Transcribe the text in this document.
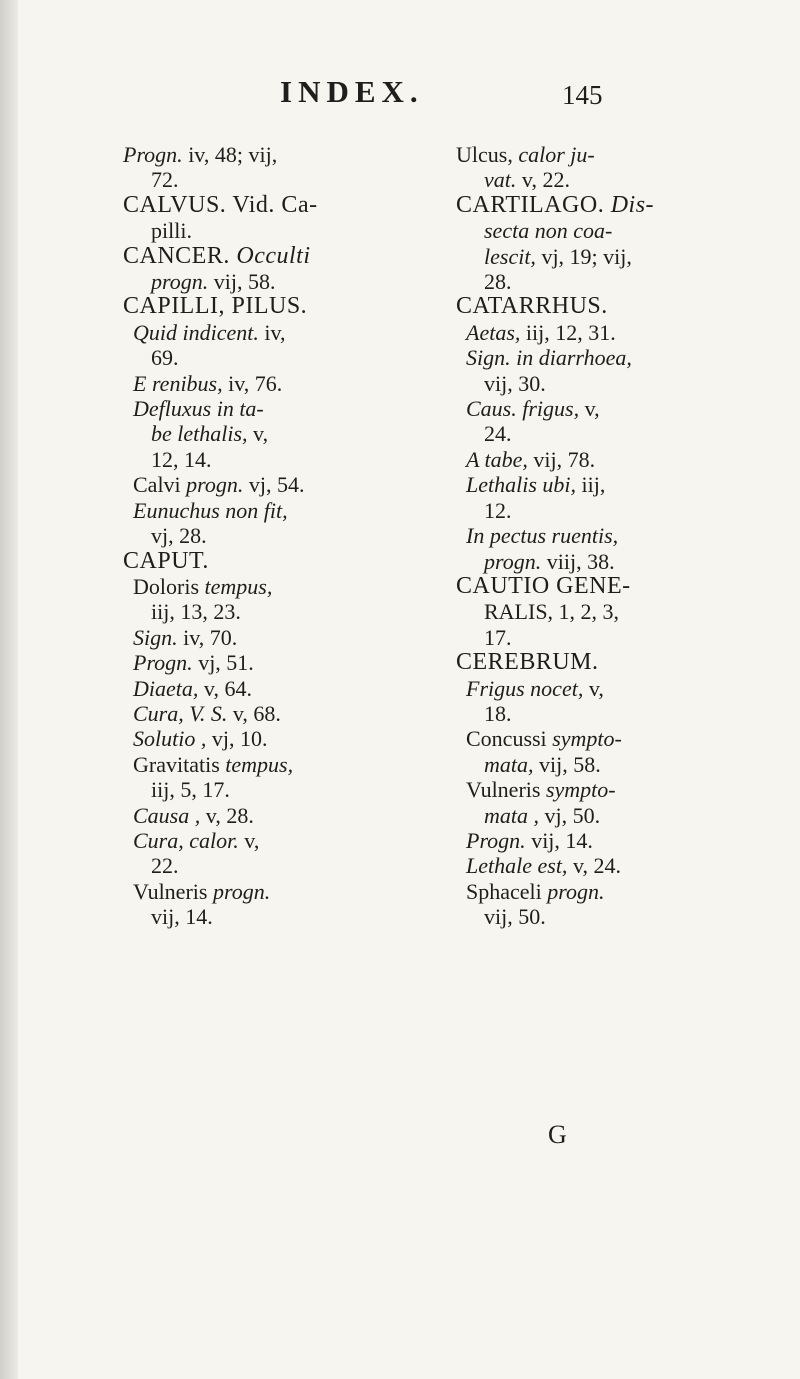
INDEX.	145

Progn. iv, 48; vij,

72.

CALVUS. Vid. Ca-

pilli.

CANCER. Occulti

progn. vij, 58.

CAPILLI, PILUS.

Quid indicent. iv,

69.

E renibus, iv, 76.

Defluxus in ta-

be lethalis, v,

12, 14.

Calvi progn. vj, 54.

Eunuchus non fit,

vj, 28.

CAPUT.

Doloris tempus,

iij, 13, 23.

Sign. iv, 70.

Progn. vj, 51.

Diaeta, v, 64.

Cura, V. S. v, 68.

Solutio , vj, 10.

Gravitatis tempus,

iij, 5, 17.

Causa , v, 28.

Cura, calor. v,

22.

Vulneris progn.

vij, 14.

Ulcus, calor ju-

vat. v, 22.

CARTILAGO. Dis-

secta non coa-

lescit, vj, 19; vij,

28.

CATARRHUS.

Aetas, iij, 12, 31.

Sign. in diarrhoea,

vij, 30.

Caus. frigus, v,

24.

A tabe, vij, 78.

Lethalis ubi, iij,

12.

In pectus ruentis,

progn. viij, 38.

CAUTIO GENE-

RALIS, 1, 2, 3,

17.

CEREBRUM.

Frigus nocet, v,

18.

Concussi sympto-

mata, vij, 58.

Vulneris sympto-

mata , vj, 50.

Progn. vij, 14.

Lethale est, v, 24.

Sphaceli progn.

vij, 50.

G
